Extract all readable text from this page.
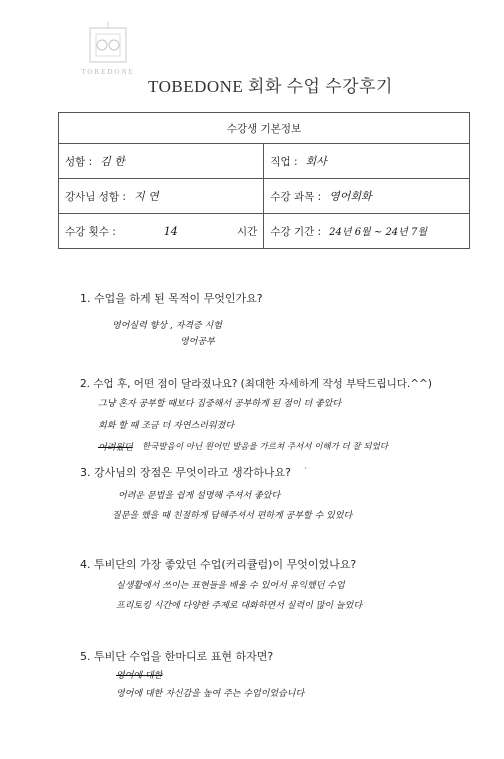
TOBEDONE
TOBEDONE 회화 수업 수강후기
수강생 기본정보	
성함 : 김 한	직업 : 회사
강사님 성함 : 지 연	수강 과목 : 영어회화
수강 횟수 : 14 시간	수강 기간 : 24년 6월 ~ 24년 7월
1. 수업을 하게 된 목적이 무엇인가요?
영어실력 향상 , 자격증 시험
영어공부
2. 수업 후, 어떤 점이 달라졌나요? (최대한 자세하게 작성 부탁드립니다.^^)
그냥 혼자 공부할 때보다 집중해서 공부하게 된 점이 더 좋았다
회화 할 때 조금 더 자연스러워졌다
어려웠던 한국발음이 아닌 원어민 발음을 가르쳐 주셔서 이해가 더 잘 되었다
3. 강사님의 장점은 무엇이라고 생각하나요? ·
어려운 문법을 쉽게 설명해 주셔서 좋았다
질문을 했을 때 친절하게 답해주셔서 편하게 공부할 수 있었다
4. 투비단의 가장 좋았던 수업(커리큘럼)이 무엇이었나요?
실생활에서 쓰이는 표현들을 배울 수 있어서 유익했던 수업
프리토킹 시간에 다양한 주제로 대화하면서 실력이 많이 늘었다
5. 투비단 수업을 한마디로 표현 하자면?
영어에 대한
영어에 대한 자신감을 높여 주는 수업이었습니다
